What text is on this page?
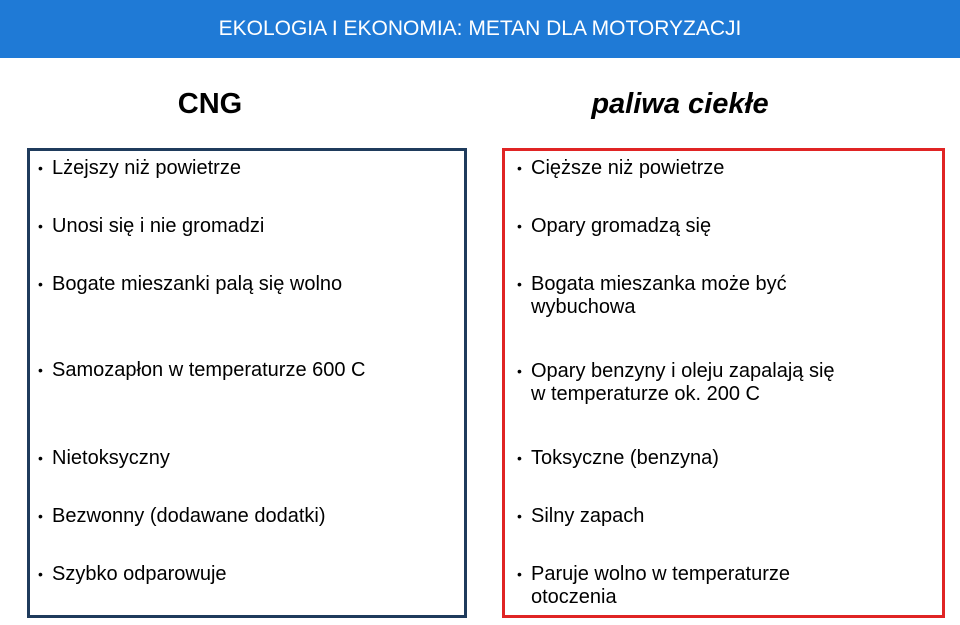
EKOLOGIA I EKONOMIA: METAN DLA MOTORYZACJI
CNG	paliwa ciekłe
• Lżejszy niż powietrze
• Unosi się i nie gromadzi
• Bogate mieszanki palą się wolno
• Samozapłon w temperaturze 600 C
• Nietoksyczny
• Bezwonny (dodawane dodatki)
• Szybko odparowuje
• Cięższe niż powietrze
• Opary gromadzą się
• Bogata mieszanka może być
wybuchowa
• Opary benzyny i oleju zapalają się
w temperaturze ok. 200 C
• Toksyczne (benzyna)
• Silny zapach
• Paruje wolno w temperaturze
otoczenia
